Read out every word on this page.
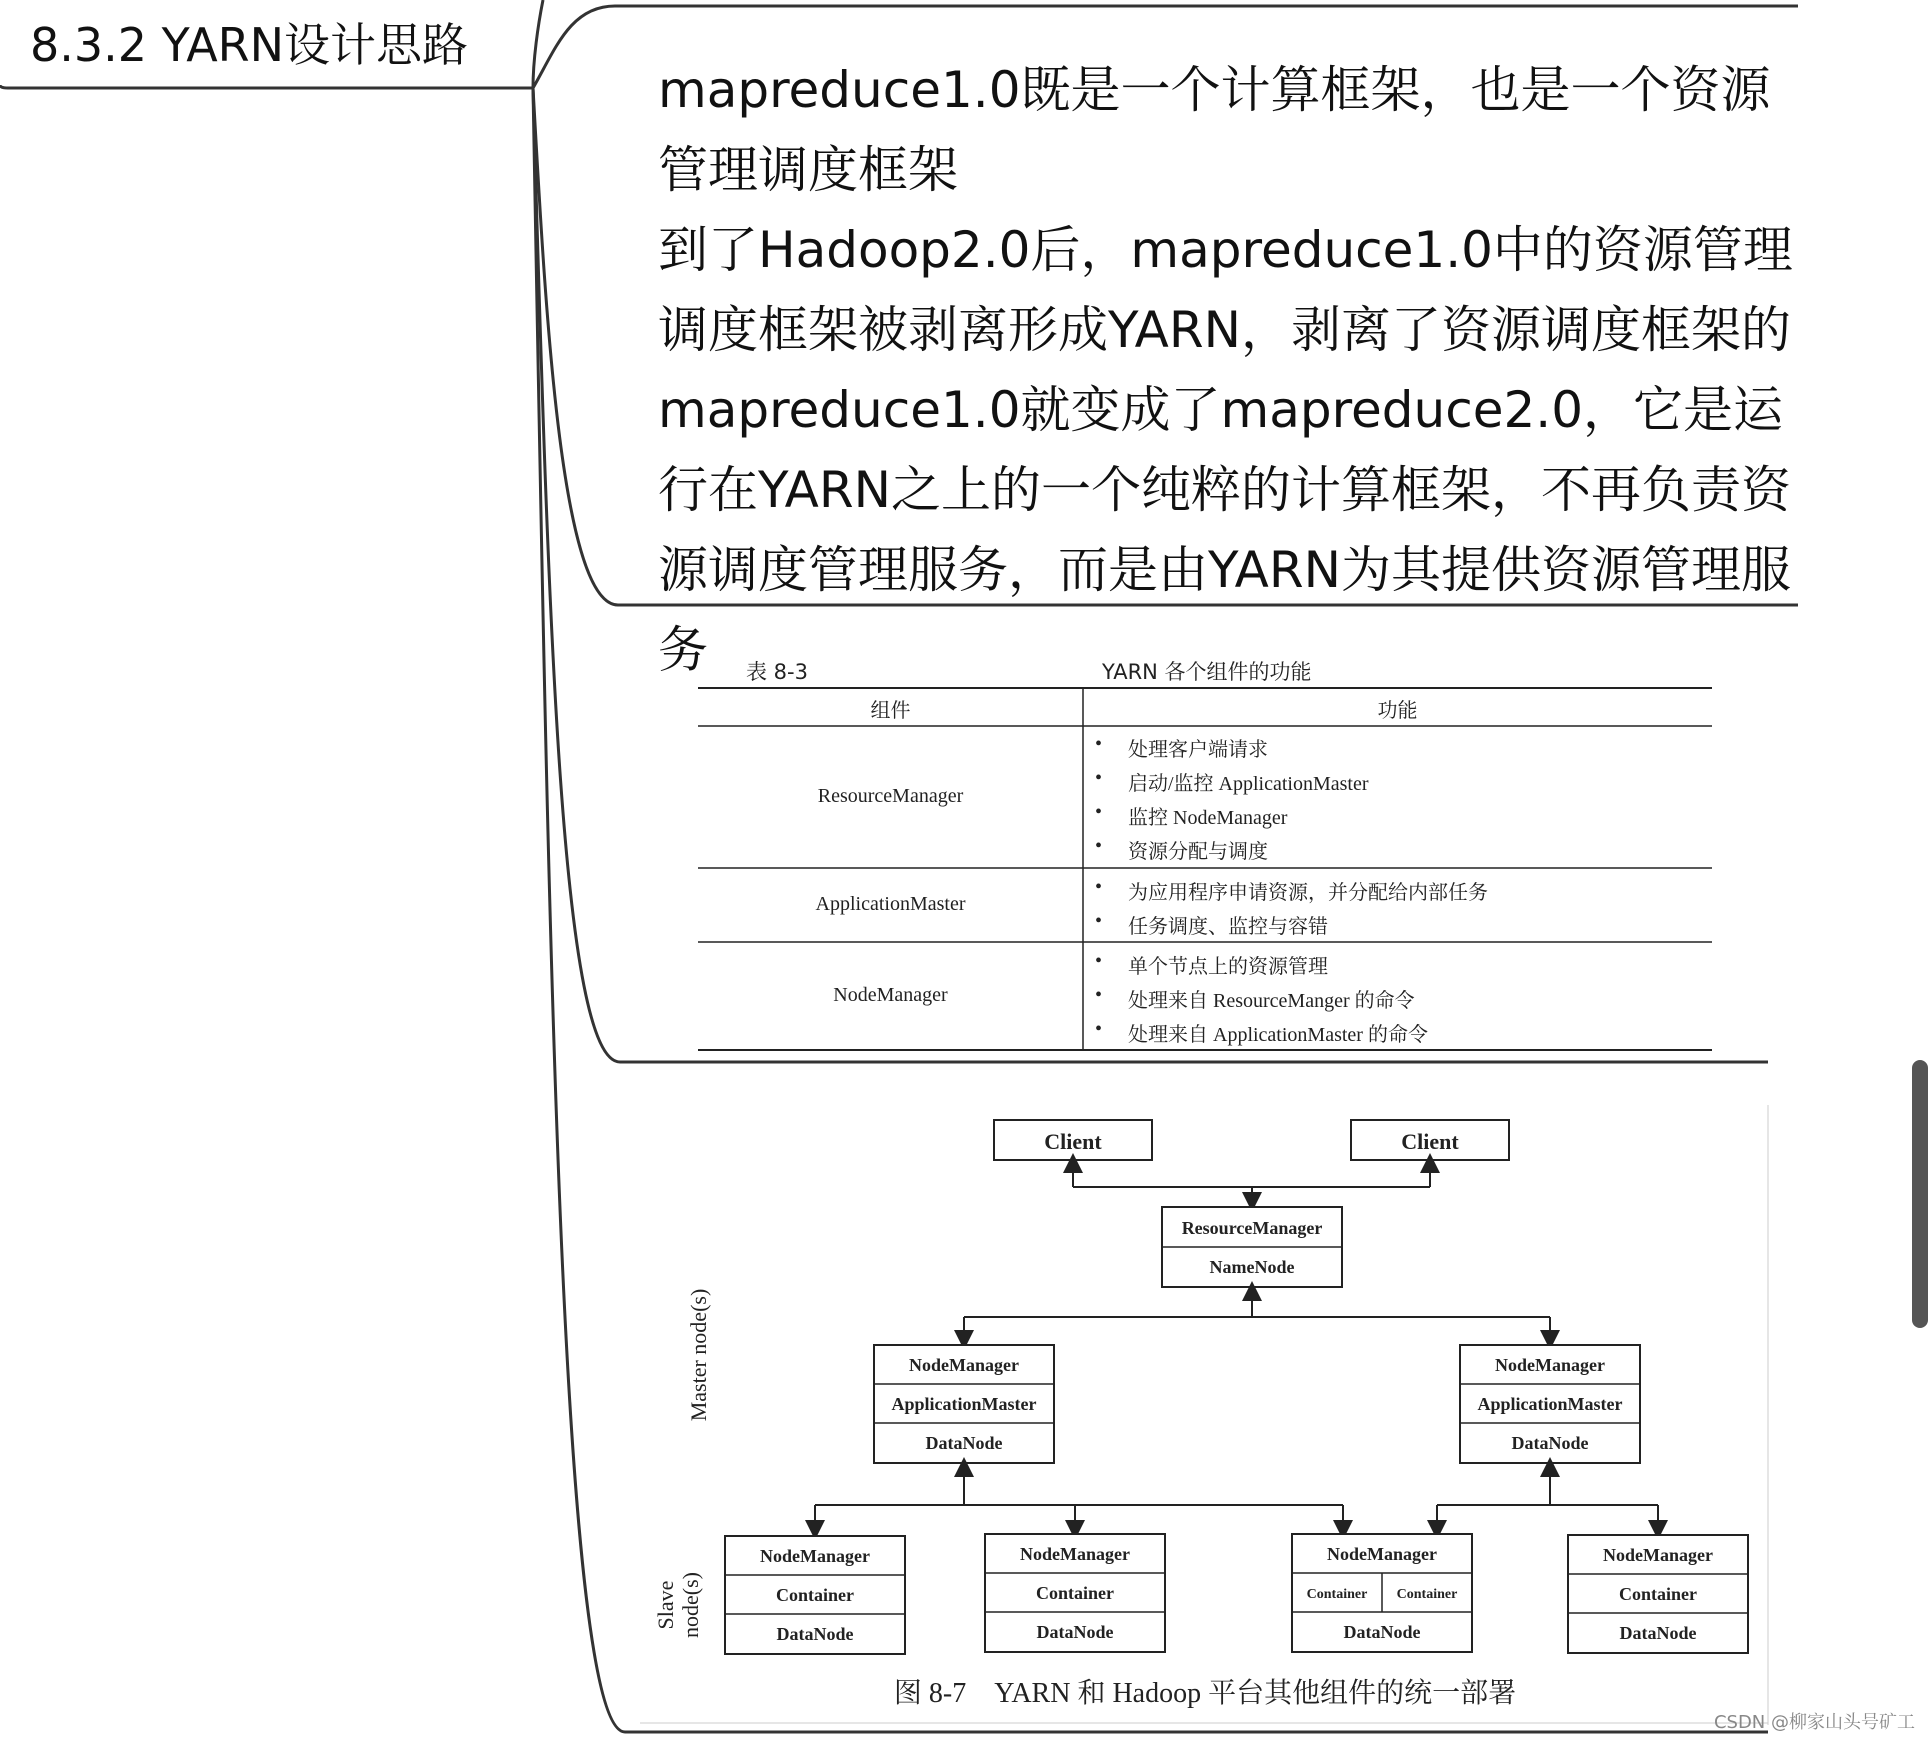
8.3.2 YARN设计思路

mapreduce1.0既是一个计算框架，也是一个资源管理调度框架

到了Hadoop2.0后，mapreduce1.0中的资源管理调度框架被剥离形成YARN，剥离了资源调度框架的mapreduce1.0就变成了mapreduce2.0，它是运行在YARN之上的一个纯粹的计算框架，不再负责资源调度管理服务，而是由YARN为其提供资源管理服务	表 8-3	YARN 各个组件的功能
组件	功能
ResourceManager
• 处理客户端请求
• 启动/监控 ApplicationMaster
• 监控 NodeManager
• 资源分配与调度
ApplicationMaster
•	为应用程序申请资源，并分配给内部任务
• 任务调度、监控与容错
NodeManager
• 单个节点上的资源管理
• 处理来自 ResourceManger 的命令
• 处理来自 ApplicationMaster 的命令
Client	Client
ResourceManager
NameNode
NodeManager
ApplicationMaster
DataNode
NodeManager
ApplicationMaster
DataNode
NodeManager
Container
DataNode
NodeManager
Container
DataNode
NodeManager
Container Container
DataNode
NodeManager
Container
DataNode
Master node(s)
Slave node(s)
图 8-7　YARN 和 Hadoop 平台其他组件的统一部署
CSDN @柳家山头号矿工
